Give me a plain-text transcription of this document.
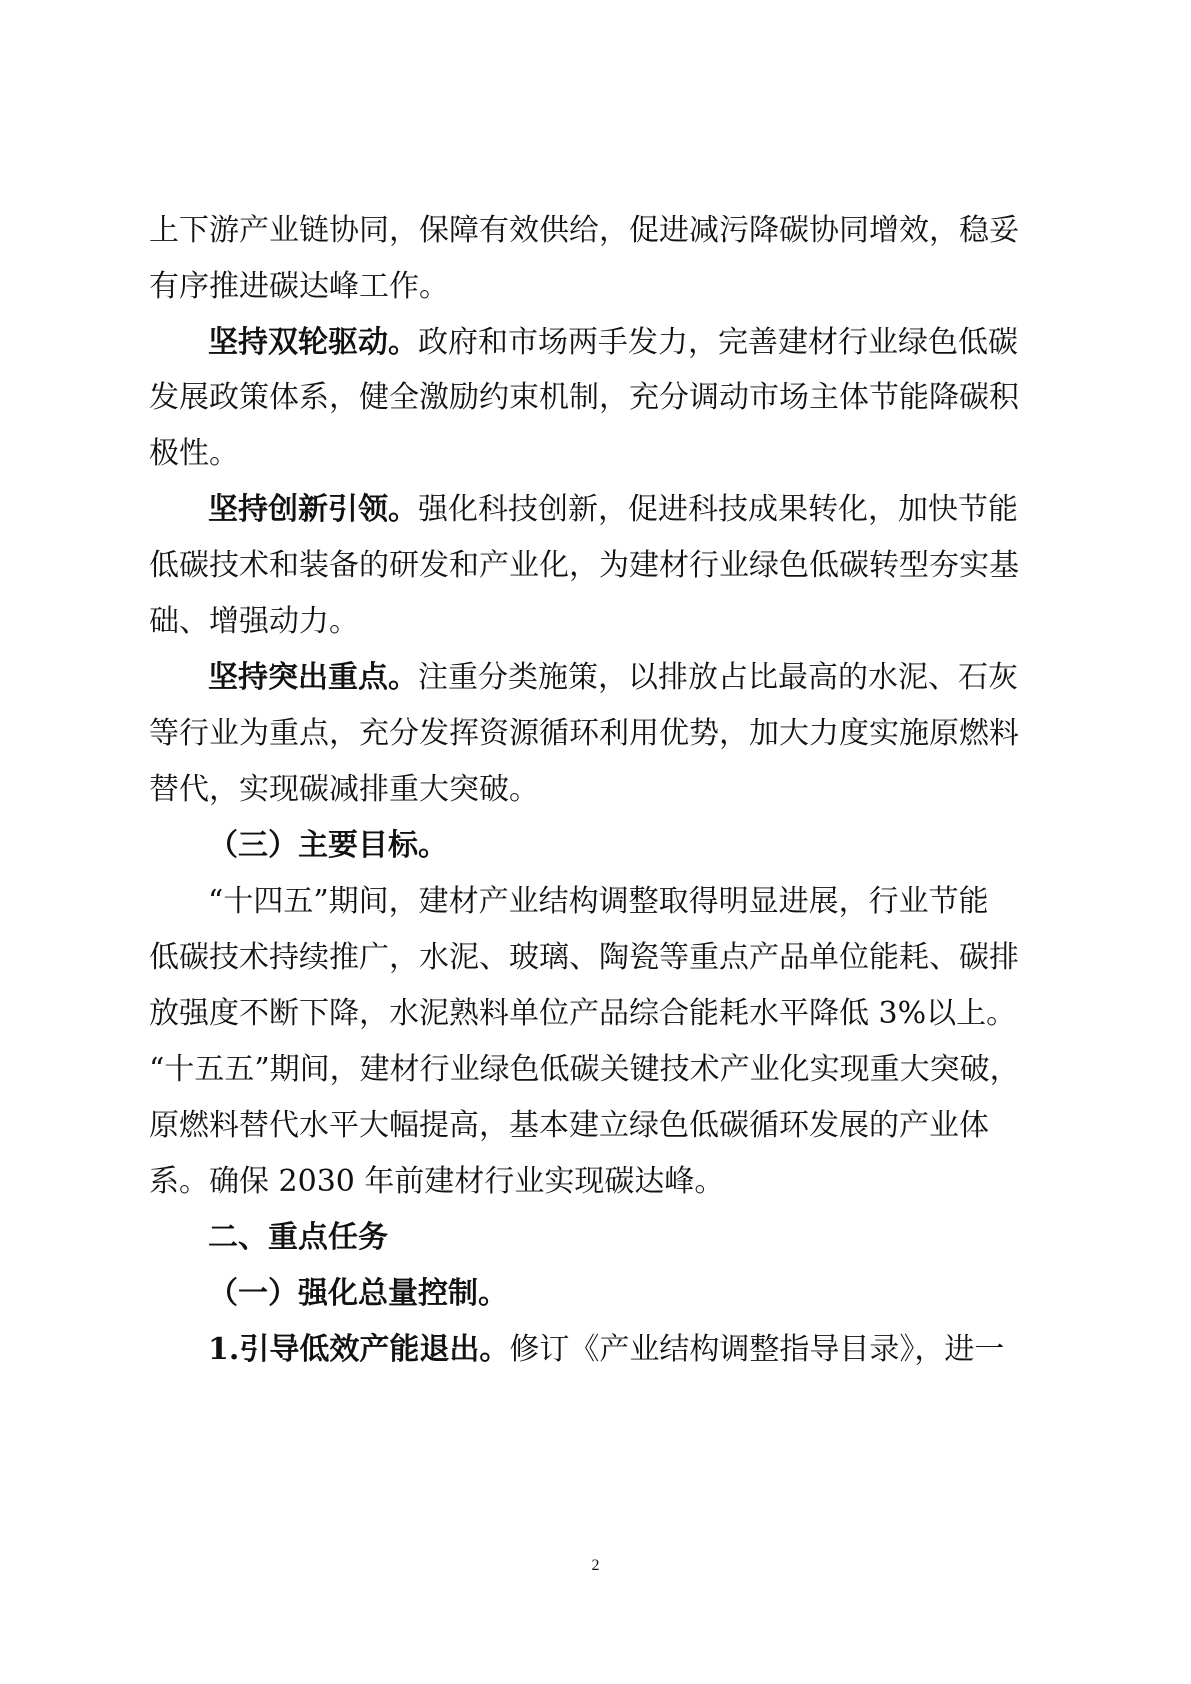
上下游产业链协同，保障有效供给，促进减污降碳协同增效，稳妥

有序推进碳达峰工作。

坚持双轮驱动。政府和市场两手发力，完善建材行业绿色低碳

发展政策体系，健全激励约束机制，充分调动市场主体节能降碳积

极性。

坚持创新引领。强化科技创新，促进科技成果转化，加快节能

低碳技术和装备的研发和产业化，为建材行业绿色低碳转型夯实基

础、增强动力。

坚持突出重点。注重分类施策，以排放占比最高的水泥、石灰

等行业为重点，充分发挥资源循环利用优势，加大力度实施原燃料

替代，实现碳减排重大突破。

（三）主要目标。

“十四五”期间，建材产业结构调整取得明显进展，行业节能

低碳技术持续推广，水泥、玻璃、陶瓷等重点产品单位能耗、碳排

放强度不断下降，水泥熟料单位产品综合能耗水平降低 3%以上。

“十五五”期间，建材行业绿色低碳关键技术产业化实现重大突破，

原燃料替代水平大幅提高，基本建立绿色低碳循环发展的产业体

系。确保 2030 年前建材行业实现碳达峰。

二、重点任务

（一）强化总量控制。

1.引导低效产能退出。修订《产业结构调整指导目录》，进一

2
